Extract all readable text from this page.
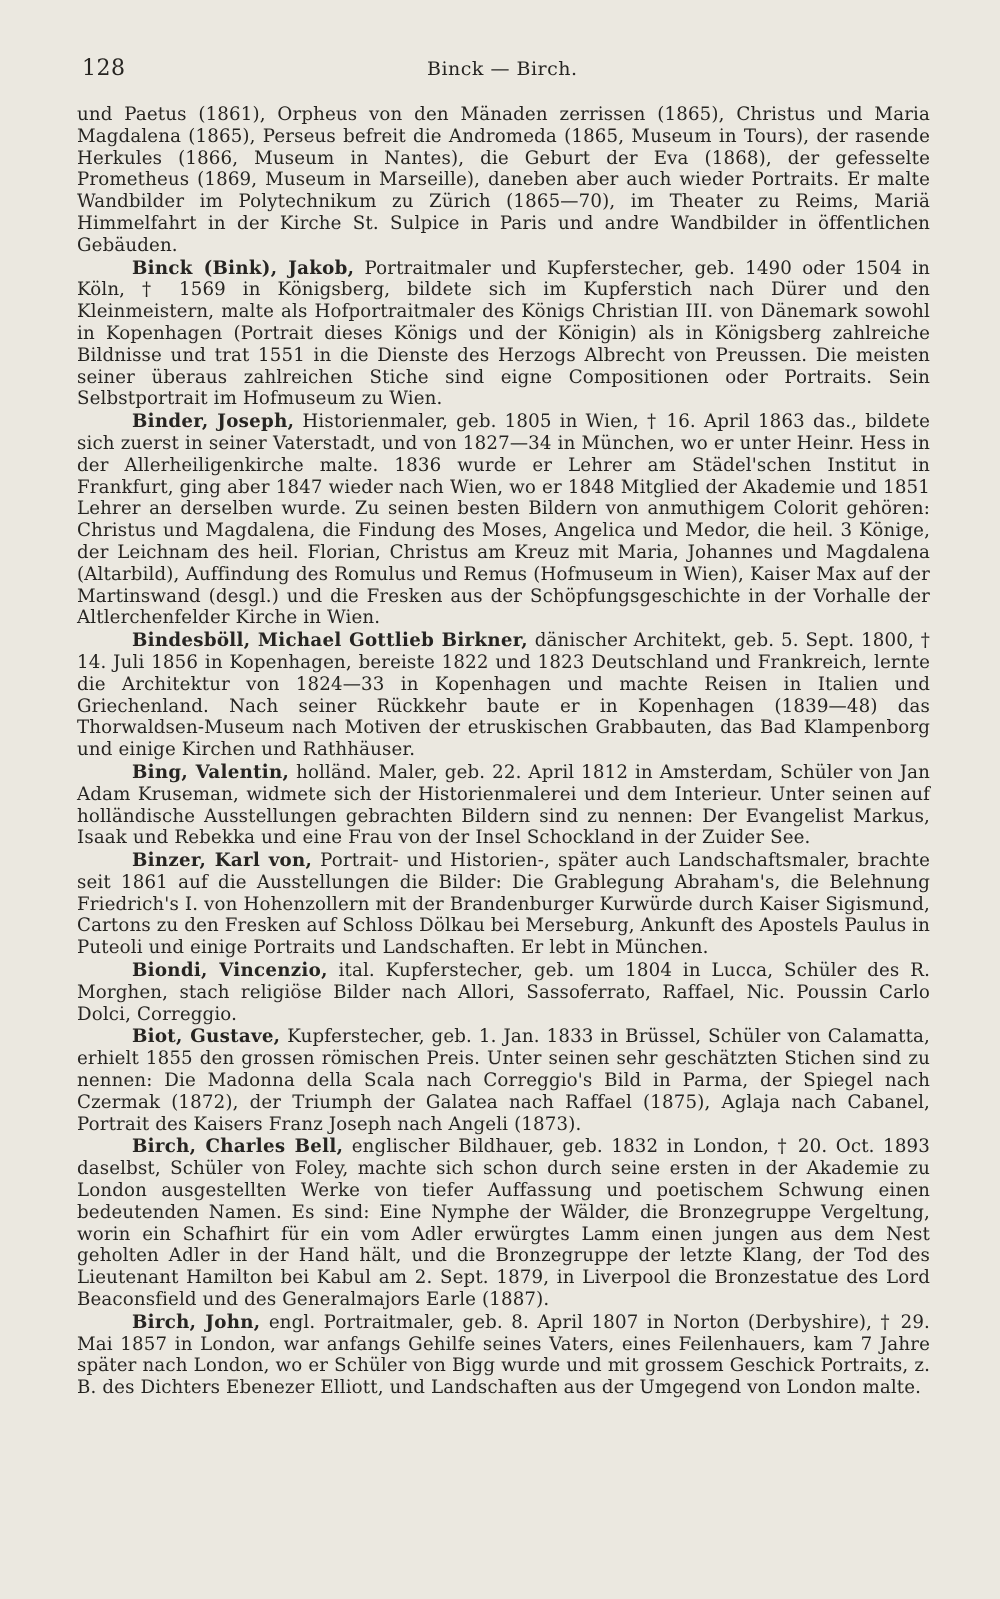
128	Binck — Birch.

und Paetus (1861), Orpheus von den Mänaden zerrissen (1865), Christus und Maria Magdalena (1865), Perseus befreit die Andromeda (1865, Museum in Tours), der rasende Herkules (1866, Museum in Nantes), die Geburt der Eva (1868), der gefesselte Prometheus (1869, Museum in Marseille), daneben aber auch wieder Portraits. Er malte Wandbilder im Polytechnikum zu Zürich (1865—70), im Theater zu Reims, Mariä Himmelfahrt in der Kirche St. Sulpice in Paris und andre Wandbilder in öffentlichen Gebäuden.

Binck (Bink), Jakob, Portraitmaler und Kupferstecher, geb. 1490 oder 1504 in Köln, † 1569 in Königsberg, bildete sich im Kupferstich nach Dürer und den Kleinmeistern, malte als Hofportraitmaler des Königs Christian III. von Dänemark sowohl in Kopenhagen (Portrait dieses Königs und der Königin) als in Königsberg zahlreiche Bildnisse und trat 1551 in die Dienste des Herzogs Albrecht von Preussen. Die meisten seiner überaus zahlreichen Stiche sind eigne Compositionen oder Portraits. Sein Selbstportrait im Hofmuseum zu Wien.

Binder, Joseph, Historienmaler, geb. 1805 in Wien, † 16. April 1863 das., bildete sich zuerst in seiner Vaterstadt, und von 1827—34 in München, wo er unter Heinr. Hess in der Allerheiligenkirche malte. 1836 wurde er Lehrer am Städel'schen Institut in Frankfurt, ging aber 1847 wieder nach Wien, wo er 1848 Mitglied der Akademie und 1851 Lehrer an derselben wurde. Zu seinen besten Bildern von anmuthigem Colorit gehören: Christus und Magdalena, die Findung des Moses, Angelica und Medor, die heil. 3 Könige, der Leichnam des heil. Florian, Christus am Kreuz mit Maria, Johannes und Magdalena (Altarbild), Auffindung des Romulus und Remus (Hofmuseum in Wien), Kaiser Max auf der Martinswand (desgl.) und die Fresken aus der Schöpfungsgeschichte in der Vorhalle der Altlerchenfelder Kirche in Wien.

Bindesböll, Michael Gottlieb Birkner, dänischer Architekt, geb. 5. Sept. 1800, † 14. Juli 1856 in Kopenhagen, bereiste 1822 und 1823 Deutschland und Frankreich, lernte die Architektur von 1824—33 in Kopenhagen und machte Reisen in Italien und Griechenland. Nach seiner Rückkehr baute er in Kopenhagen (1839—48) das Thorwaldsen-Museum nach Motiven der etruskischen Grabbauten, das Bad Klampenborg und einige Kirchen und Rathhäuser.

Bing, Valentin, holländ. Maler, geb. 22. April 1812 in Amsterdam, Schüler von Jan Adam Kruseman, widmete sich der Historienmalerei und dem Interieur. Unter seinen auf holländische Ausstellungen gebrachten Bildern sind zu nennen: Der Evangelist Markus, Isaak und Rebekka und eine Frau von der Insel Schockland in der Zuider See.

Binzer, Karl von, Portrait- und Historien-, später auch Landschaftsmaler, brachte seit 1861 auf die Ausstellungen die Bilder: Die Grablegung Abraham's, die Belehnung Friedrich's I. von Hohenzollern mit der Brandenburger Kurwürde durch Kaiser Sigismund, Cartons zu den Fresken auf Schloss Dölkau bei Merseburg, Ankunft des Apostels Paulus in Puteoli und einige Portraits und Landschaften. Er lebt in München.

Biondi, Vincenzio, ital. Kupferstecher, geb. um 1804 in Lucca, Schüler des R. Morghen, stach religiöse Bilder nach Allori, Sassoferrato, Raffael, Nic. Poussin Carlo Dolci, Correggio.

Biot, Gustave, Kupferstecher, geb. 1. Jan. 1833 in Brüssel, Schüler von Calamatta, erhielt 1855 den grossen römischen Preis. Unter seinen sehr geschätzten Stichen sind zu nennen: Die Madonna della Scala nach Correggio's Bild in Parma, der Spiegel nach Czermak (1872), der Triumph der Galatea nach Raffael (1875), Aglaja nach Cabanel, Portrait des Kaisers Franz Joseph nach Angeli (1873).

Birch, Charles Bell, englischer Bildhauer, geb. 1832 in London, † 20. Oct. 1893 daselbst, Schüler von Foley, machte sich schon durch seine ersten in der Akademie zu London ausgestellten Werke von tiefer Auffassung und poetischem Schwung einen bedeutenden Namen. Es sind: Eine Nymphe der Wälder, die Bronzegruppe Vergeltung, worin ein Schafhirt für ein vom Adler erwürgtes Lamm einen jungen aus dem Nest geholten Adler in der Hand hält, und die Bronzegruppe der letzte Klang, der Tod des Lieutenant Hamilton bei Kabul am 2. Sept. 1879, in Liverpool die Bronzestatue des Lord Beaconsfield und des Generalmajors Earle (1887).

Birch, John, engl. Portraitmaler, geb. 8. April 1807 in Norton (Derbyshire), † 29. Mai 1857 in London, war anfangs Gehilfe seines Vaters, eines Feilenhauers, kam 7 Jahre später nach London, wo er Schüler von Bigg wurde und mit grossem Geschick Portraits, z. B. des Dichters Ebenezer Elliott, und Landschaften aus der Umgegend von London malte.
